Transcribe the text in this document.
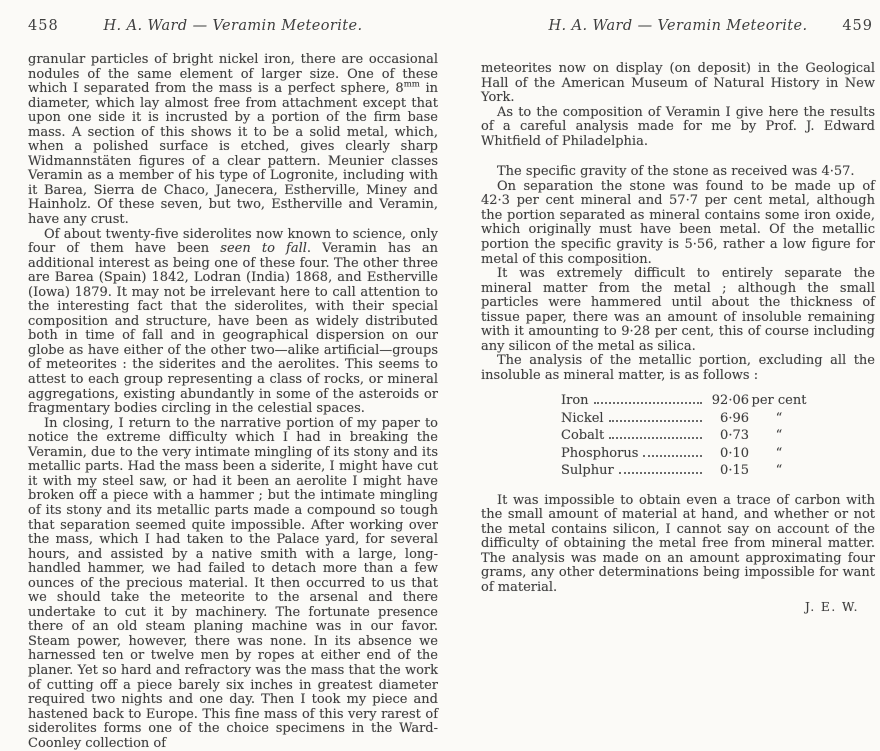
458	H. A. Ward — Veramin Meteorite.

granular particles of bright nickel iron, there are occasional nodules of the same element of larger size. One of these which I separated from the mass is a perfect sphere, $8^{mm}$ in diameter, which lay almost free from attachment except that upon one side it is incrusted by a portion of the firm base mass. A section of this shows it to be a solid metal, which, when a polished surface is etched, gives clearly sharp Widmannstäten figures of a clear pattern. Meunier classes Veramin as a member of his type of Logronite, including with it Barea, Sierra de Chaco, Janecera, Estherville, Miney and Hainholz. Of these seven, but two, Estherville and Veramin, have any crust.

Of about twenty-five siderolites now known to science, only four of them have been seen to fall. Veramin has an additional interest as being one of these four. The other three are Barea (Spain) 1842, Lodran (India) 1868, and Estherville (Iowa) 1879. It may not be irrelevant here to call attention to the interesting fact that the siderolites, with their special composition and structure, have been as widely distributed both in time of fall and in geographical dispersion on our globe as have either of the other two—alike artificial—groups of meteorites : the siderites and the aerolites. This seems to attest to each group representing a class of rocks, or mineral aggregations, existing abundantly in some of the asteroids or fragmentary bodies circling in the celestial spaces.

In closing, I return to the narrative portion of my paper to notice the extreme difficulty which I had in breaking the Veramin, due to the very intimate mingling of its stony and its metallic parts. Had the mass been a siderite, I might have cut it with my steel saw, or had it been an aerolite I might have broken off a piece with a hammer ; but the intimate mingling of its stony and its metallic parts made a compound so tough that separation seemed quite impossible. After working over the mass, which I had taken to the Palace yard, for several hours, and assisted by a native smith with a large, long-handled hammer, we had failed to detach more than a few ounces of the precious material. It then occurred to us that we should take the meteorite to the arsenal and there undertake to cut it by machinery. The fortunate presence there of an old steam planing machine was in our favor. Steam power, however, there was none. In its absence we harnessed ten or twelve men by ropes at either end of the planer. Yet so hard and refractory was the mass that the work of cutting off a piece barely six inches in greatest diameter required two nights and one day. Then I took my piece and hastened back to Europe. This fine mass of this very rarest of siderolites forms one of the choice specimens in the Ward-Coonley collection of

H. A. Ward — Veramin Meteorite.	459

meteorites now on display (on deposit) in the Geological Hall of the American Museum of Natural History in New York.

As to the composition of Veramin I give here the results of a careful analysis made for me by Prof. J. Edward Whitfield of Philadelphia.

The specific gravity of the stone as received was 4·57.

On separation the stone was found to be made up of 42·3 per cent mineral and 57·7 per cent metal, although the portion separated as mineral contains some iron oxide, which originally must have been metal. Of the metallic portion the specific gravity is 5·56, rather a low figure for metal of this composition.

It was extremely difficult to entirely separate the mineral matter from the metal ; although the small particles were hammered until about the thickness of tissue paper, there was an amount of insoluble remaining with it amounting to 9·28 per cent, this of course including any silicon of the metal as silica.

The analysis of the metallic portion, excluding all the insoluble as mineral matter, is as follows :

Iron	92·06 per cent
Nickel	6·96	“
Cobalt	0·73	“
Phosphorus	0·10	“
Sulphur	0·15	“

It was impossible to obtain even a trace of carbon with the small amount of material at hand, and whether or not the metal contains silicon, I cannot say on account of the difficulty of obtaining the metal free from mineral matter. The analysis was made on an amount approximating four grams, any other determinations being impossible for want of material.

J. E. W.
